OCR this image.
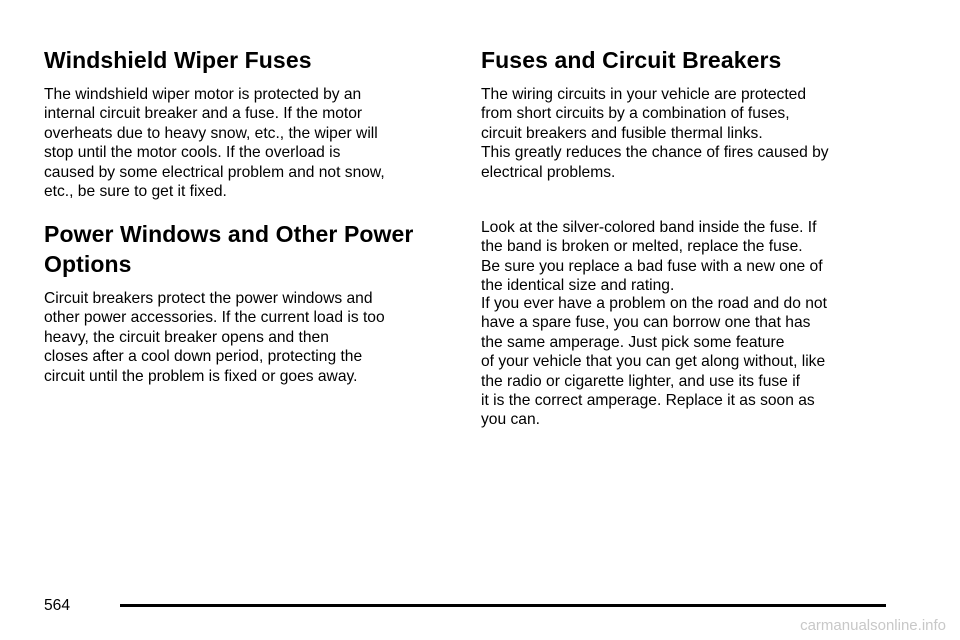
Windshield Wiper Fuses
The windshield wiper motor is protected by an
internal circuit breaker and a fuse. If the motor
overheats due to heavy snow, etc., the wiper will
stop until the motor cools. If the overload is
caused by some electrical problem and not snow,
etc., be sure to get it fixed.
Power Windows and Other Power
Options
Circuit breakers protect the power windows and
other power accessories. If the current load is too
heavy, the circuit breaker opens and then
closes after a cool down period, protecting the
circuit until the problem is fixed or goes away.
Fuses and Circuit Breakers
The wiring circuits in your vehicle are protected
from short circuits by a combination of fuses,
circuit breakers and fusible thermal links.
This greatly reduces the chance of fires caused by
electrical problems.
Look at the silver-colored band inside the fuse. If
the band is broken or melted, replace the fuse.
Be sure you replace a bad fuse with a new one of
the identical size and rating.
If you ever have a problem on the road and do not
have a spare fuse, you can borrow one that has
the same amperage. Just pick some feature
of your vehicle that you can get along without, like
the radio or cigarette lighter, and use its fuse if
it is the correct amperage. Replace it as soon as
you can.
564
carmanualsonline.info
